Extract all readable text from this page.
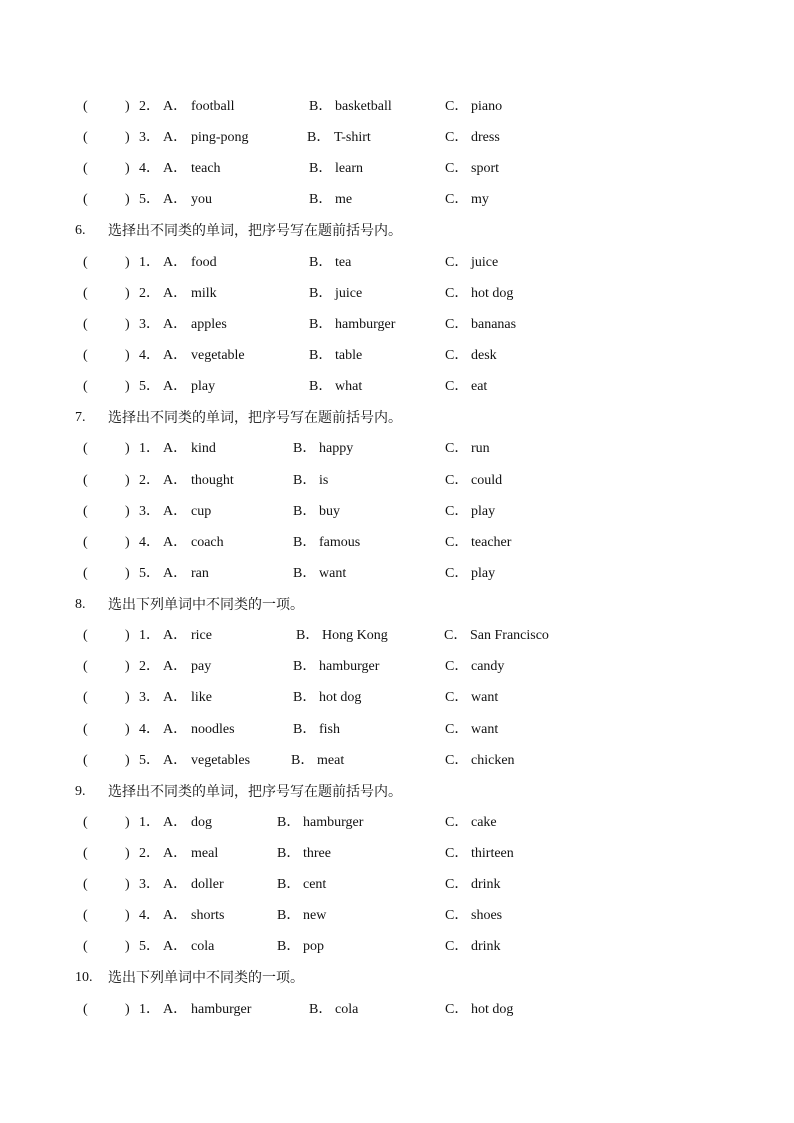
(	) 2． A． football	B． basketball	C． piano
(	) 3． A． ping-pong	B． T-shirt	C． dress
(	) 4． A． teach	B． learn	C． sport
(	) 5． A． you	B． me	C． my
6. 选择出不同类的单词，把序号写在题前括号内。
(	) 1． A． food	B． tea	C． juice
(	) 2． A． milk	B． juice	C． hot dog
(	) 3． A． apples	B． hamburger	C． bananas
(	) 4． A． vegetable	B． table	C． desk
(	) 5． A． play	B． what	C． eat
7. 选择出不同类的单词，把序号写在题前括号内。
(	) 1． A． kind	B． happy	C． run
(	) 2． A． thought	B． is	C． could
(	) 3． A． cup	B． buy	C． play
(	) 4． A． coach	B． famous	C． teacher
(	) 5． A． ran	B． want	C． play
8. 选出下列单词中不同类的一项。
(	) 1． A． rice	B． Hong Kong	C． San Francisco
(	) 2． A． pay	B． hamburger	C． candy
(	) 3． A． like	B． hot dog	C． want
(	) 4． A． noodles	B． fish	C． want
(	) 5． A． vegetables	B． meat	C． chicken
9. 选择出不同类的单词，把序号写在题前括号内。
(	) 1． A． dog	B． hamburger	C． cake
(	) 2． A． meal	B． three	C． thirteen
(	) 3． A． doller	B． cent	C． drink
(	) 4． A． shorts	B． new	C． shoes
(	) 5． A． cola	B． pop	C． drink
10. 选出下列单词中不同类的一项。
(	) 1． A． hamburger	B． cola	C． hot dog
